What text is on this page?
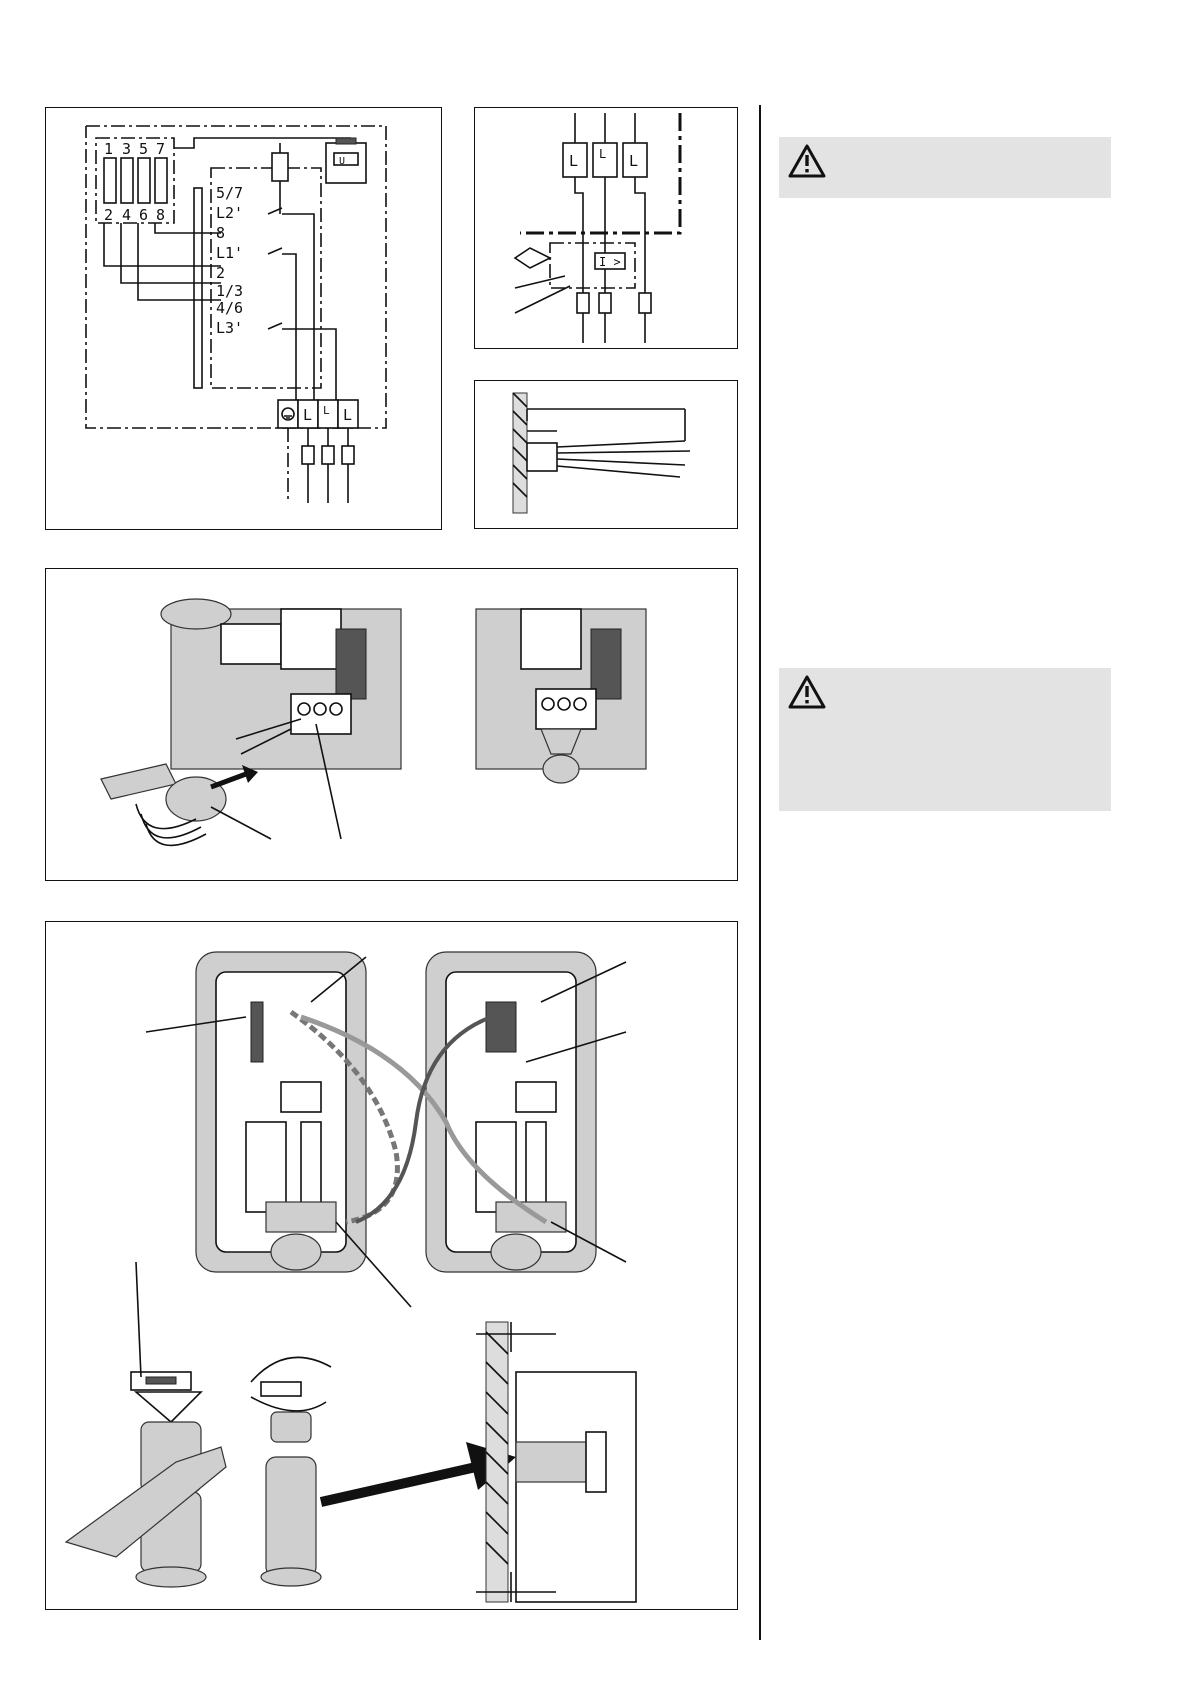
1 3 5 7
2 4 6 8
5/7
L2'
8
L1'
2
1/3
4/6
L3'
U
L L L
L L L
I >
